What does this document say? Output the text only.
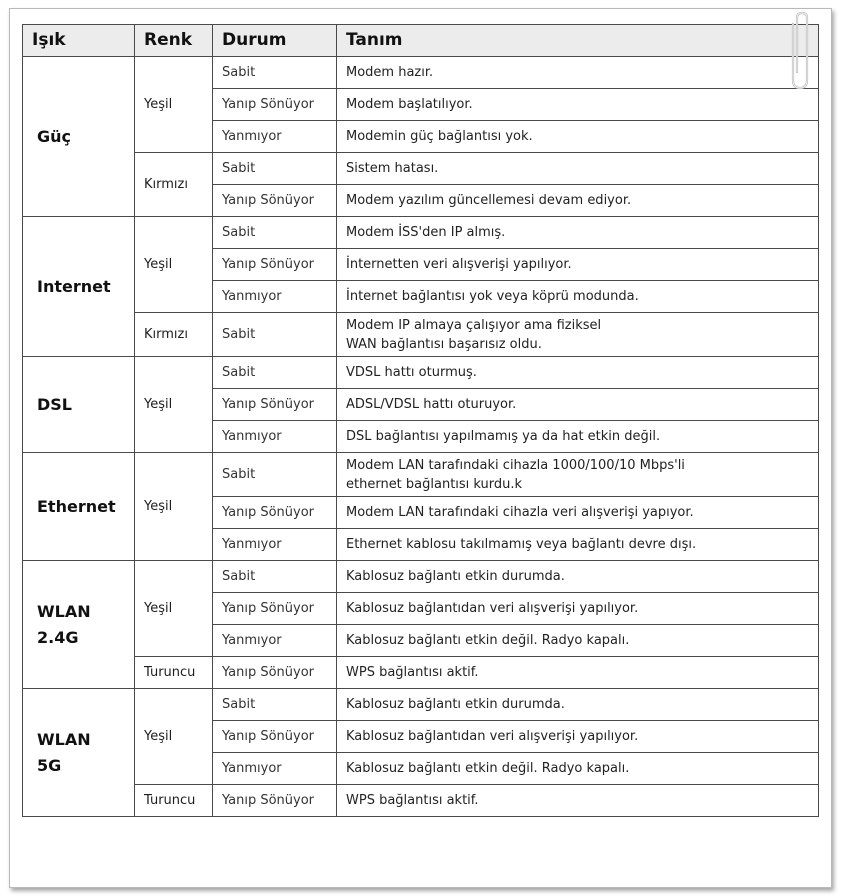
Işık	Renk	Durum	Tanım

Güç	Yeşil	Sabit	Modem hazır.

		Yanıp Sönüyor	Modem başlatılıyor.

		Yanmıyor	Modemin güç bağlantısı yok.

	Kırmızı	Sabit	Sistem hatası.

		Yanıp Sönüyor	Modem yazılım güncellemesi devam ediyor.

Internet	Yeşil	Sabit	Modem İSS'den IP almış.

		Yanıp Sönüyor	İnternetten veri alışverişi yapılıyor.

		Yanmıyor	İnternet bağlantısı yok veya köprü modunda.

	Kırmızı	Sabit	Modem IP almaya çalışıyor ama fiziksel
WAN bağlantısı başarısız oldu.

DSL	Yeşil	Sabit	VDSL hattı oturmuş.

		Yanıp Sönüyor	ADSL/VDSL hattı oturuyor.

		Yanmıyor	DSL bağlantısı yapılmamış ya da hat etkin değil.

Ethernet	Yeşil	Sabit	Modem LAN tarafındaki cihazla 1000/100/10 Mbps'li
ethernet bağlantısı kurdu.k

		Yanıp Sönüyor	Modem LAN tarafındaki cihazla veri alışverişi yapıyor.

		Yanmıyor	Ethernet kablosu takılmamış veya bağlantı devre dışı.

WLAN
2.4G	Yeşil	Sabit	Kablosuz bağlantı etkin durumda.

		Yanıp Sönüyor	Kablosuz bağlantıdan veri alışverişi yapılıyor.

		Yanmıyor	Kablosuz bağlantı etkin değil. Radyo kapalı.

	Turuncu	Yanıp Sönüyor	WPS bağlantısı aktif.

WLAN
5G	Yeşil	Sabit	Kablosuz bağlantı etkin durumda.

		Yanıp Sönüyor	Kablosuz bağlantıdan veri alışverişi yapılıyor.

		Yanmıyor	Kablosuz bağlantı etkin değil. Radyo kapalı.

	Turuncu	Yanıp Sönüyor	WPS bağlantısı aktif.
